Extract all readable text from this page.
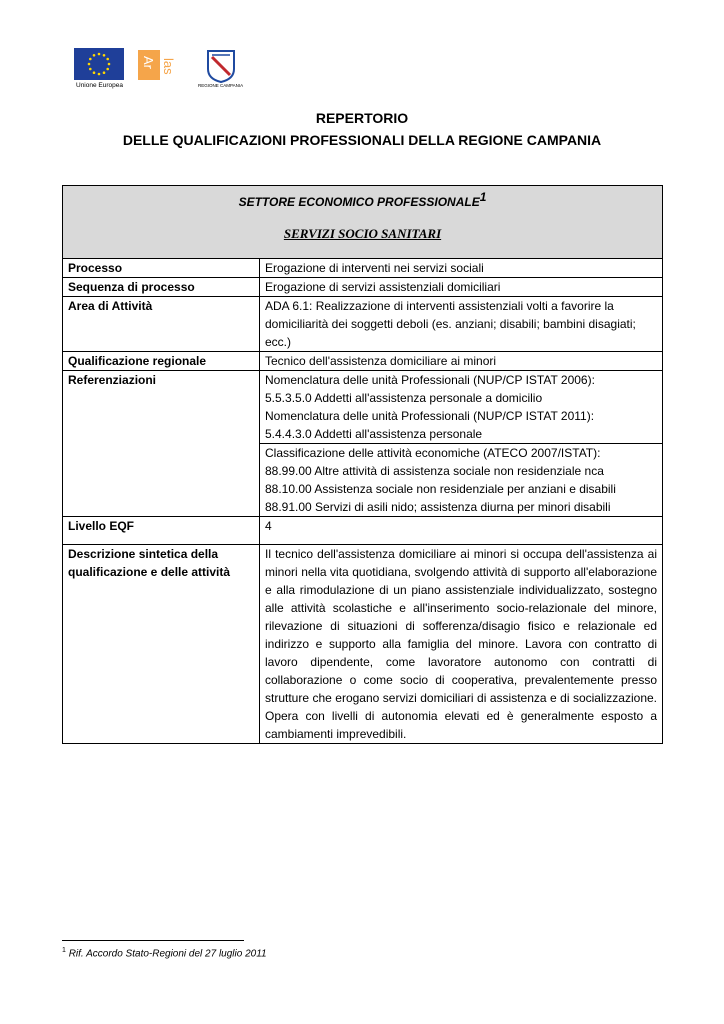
Unione Europea
Ar las
REGIONE CAMPANIA
REPERTORIO
DELLE QUALIFICAZIONI PROFESSIONALI DELLA REGIONE CAMPANIA
SETTORE ECONOMICO PROFESSIONALE$^1$
SERVIZI SOCIO SANITARI	

Processo	Erogazione di interventi nei servizi sociali
Sequenza di processo	Erogazione di servizi assistenziali domiciliari
Area di Attività	ADA 6.1: Realizzazione di interventi assistenziali volti a favorire la domiciliarità dei soggetti deboli (es. anziani; disabili; bambini disagiati; ecc.)
Qualificazione regionale	Tecnico dell'assistenza domiciliare ai minori
Referenziazioni	Nomenclatura delle unità Professionali (NUP/CP ISTAT 2006):
5.5.3.5.0 Addetti all'assistenza personale a domicilio
Nomenclatura delle unità Professionali (NUP/CP ISTAT 2011):
5.4.4.3.0 Addetti all'assistenza personale

	Classificazione delle attività economiche (ATECO 2007/ISTAT):
88.99.00 Altre attività di assistenza sociale non residenziale nca
88.10.00 Assistenza sociale non residenziale per anziani e disabili
88.91.00 Servizi di asili nido; assistenza diurna per minori disabili

Livello EQF	4
Descrizione sintetica della qualificazione e delle attività	Il tecnico dell'assistenza domiciliare ai minori si occupa dell'assistenza ai minori nella vita quotidiana, svolgendo attività di supporto all'elaborazione e alla rimodulazione di un piano assistenziale individualizzato, sostegno alle attività scolastiche e all'inserimento socio-relazionale del minore, rilevazione di situazioni di sofferenza/disagio fisico e relazionale ed indirizzo e supporto alla famiglia del minore. Lavora con contratto di lavoro dipendente, come lavoratore autonomo con contratti di collaborazione o come socio di cooperativa, prevalentemente presso strutture che erogano servizi domiciliari di assistenza e di socializzazione. Opera con livelli di autonomia elevati ed è generalmente esposto a cambiamenti imprevedibili.
$^1$ Rif. Accordo Stato-Regioni del 27 luglio 2011
